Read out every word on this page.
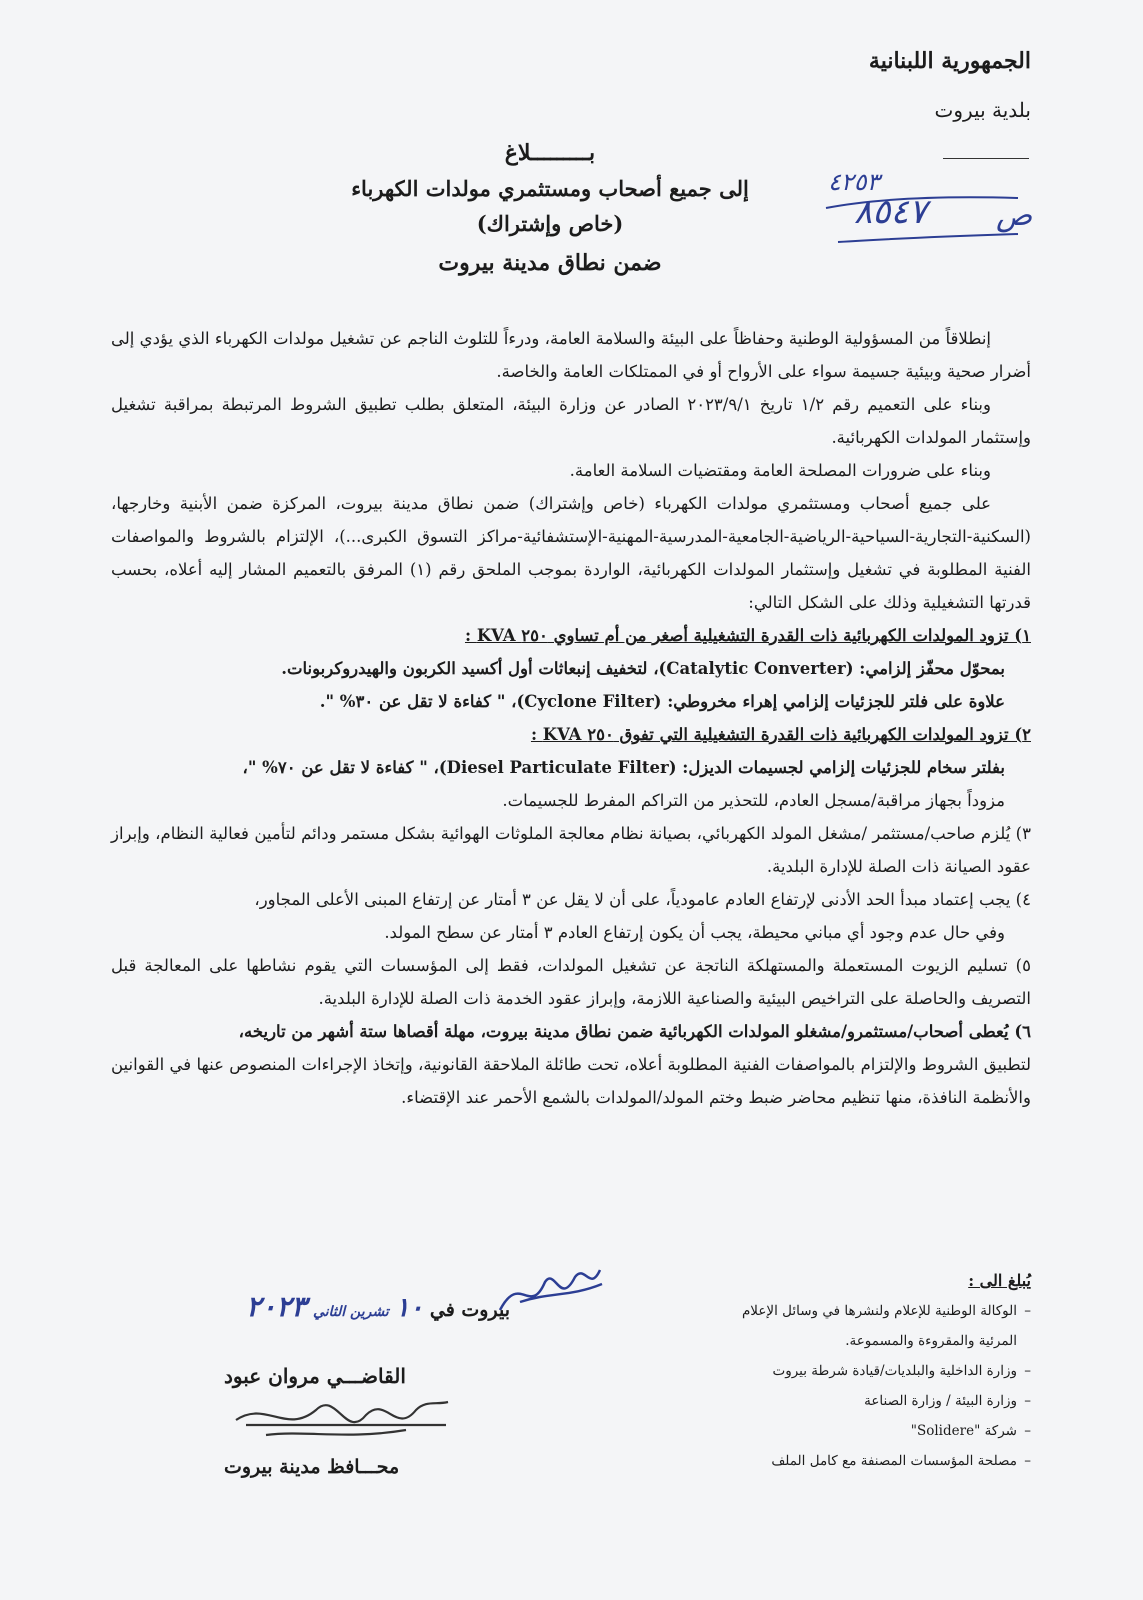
الجمهورية اللبنانية
بلدية بيروت
٤٢٥٣
٨٥٤٧ ص
بـــــــــلاغ
إلى جميع أصحاب ومستثمري مولدات الكهرباء
(خاص وإشتراك)
ضمن نطاق مدينة بيروت

إنطلاقاً من المسؤولية الوطنية وحفاظاً على البيئة والسلامة العامة، ودرءاً للتلوث الناجم عن تشغيل مولدات الكهرباء الذي يؤدي إلى أضرار صحية وبيئية جسيمة سواء على الأرواح أو في الممتلكات العامة والخاصة.

وبناء على التعميم رقم ١/٢ تاريخ ٢٠٢٣/٩/١ الصادر عن وزارة البيئة، المتعلق بطلب تطبيق الشروط المرتبطة بمراقبة تشغيل وإستثمار المولدات الكهربائية.

وبناء على ضرورات المصلحة العامة ومقتضيات السلامة العامة.

على جميع أصحاب ومستثمري مولدات الكهرباء (خاص وإشتراك) ضمن نطاق مدينة بيروت، المركزة ضمن الأبنية وخارجها، (السكنية-التجارية-السياحية-الرياضية-الجامعية-المدرسية-المهنية-الإستشفائية-مراكز التسوق الكبرى...)، الإلتزام بالشروط والمواصفات الفنية المطلوبة في تشغيل وإستثمار المولدات الكهربائية، الواردة بموجب الملحق رقم (١) المرفق بالتعميم المشار إليه أعلاه، بحسب قدرتها التشغيلية وذلك على الشكل التالي:

١) تزود المولدات الكهربائية ذات القدرة التشغيلية أصغر من أم تساوي ٢٥٠ KVA :

بمحوّل محفّز إلزامي: (Catalytic Converter)، لتخفيف إنبعاثات أول أكسيد الكربون والهيدروكربونات.

علاوة على فلتر للجزئيات إلزامي إهراء مخروطي: (Cyclone Filter)، " كفاءة لا تقل عن ٣٠% ".

٢) تزود المولدات الكهربائية ذات القدرة التشغيلية التي تفوق ٢٥٠ KVA :

بفلتر سخام للجزئيات إلزامي لجسيمات الديزل: (Diesel Particulate Filter)، " كفاءة لا تقل عن ٧٠% "،

مزوداً بجهاز مراقبة/مسجل العادم، للتحذير من التراكم المفرط للجسيمات.

٣) يُلزم صاحب/مستثمر /مشغل المولد الكهربائي، بصيانة نظام معالجة الملوثات الهوائية بشكل مستمر ودائم لتأمين فعالية النظام، وإبراز عقود الصيانة ذات الصلة للإدارة البلدية.

٤) يجب إعتماد مبدأ الحد الأدنى لإرتفاع العادم عامودياً، على أن لا يقل عن ٣ أمتار عن إرتفاع المبنى الأعلى المجاور،

وفي حال عدم وجود أي مباني محيطة، يجب أن يكون إرتفاع العادم ٣ أمتار عن سطح المولد.

٥) تسليم الزيوت المستعملة والمستهلكة الناتجة عن تشغيل المولدات، فقط إلى المؤسسات التي يقوم نشاطها على المعالجة قبل التصريف والحاصلة على التراخيص البيئية والصناعية اللازمة، وإبراز عقود الخدمة ذات الصلة للإدارة البلدية.

٦) يُعطى أصحاب/مستثمرو/مشغلو المولدات الكهربائية ضمن نطاق مدينة بيروت، مهلة أقصاها ستة أشهر من تاريخه،

لتطبيق الشروط والإلتزام بالمواصفات الفنية المطلوبة أعلاه، تحت طائلة الملاحقة القانونية، وإتخاذ الإجراءات المنصوص عنها في القوانين والأنظمة النافذة، منها تنظيم محاضر ضبط وختم المولد/المولدات بالشمع الأحمر عند الإقتضاء.

بيروت في ١٠ تشرين الثاني ٢٠٢٣
القاضـــي مروان عبود
محـــافظ مدينة بيروت
يُبلغ الى :
– الوكالة الوطنية للإعلام ولنشرها في وسائل الإعلام المرئية والمقروءة والمسموعة.
– وزارة الداخلية والبلديات/قيادة شرطة بيروت
– وزارة البيئة / وزارة الصناعة
– شركة "Solidere"
– مصلحة المؤسسات المصنفة مع كامل الملف
